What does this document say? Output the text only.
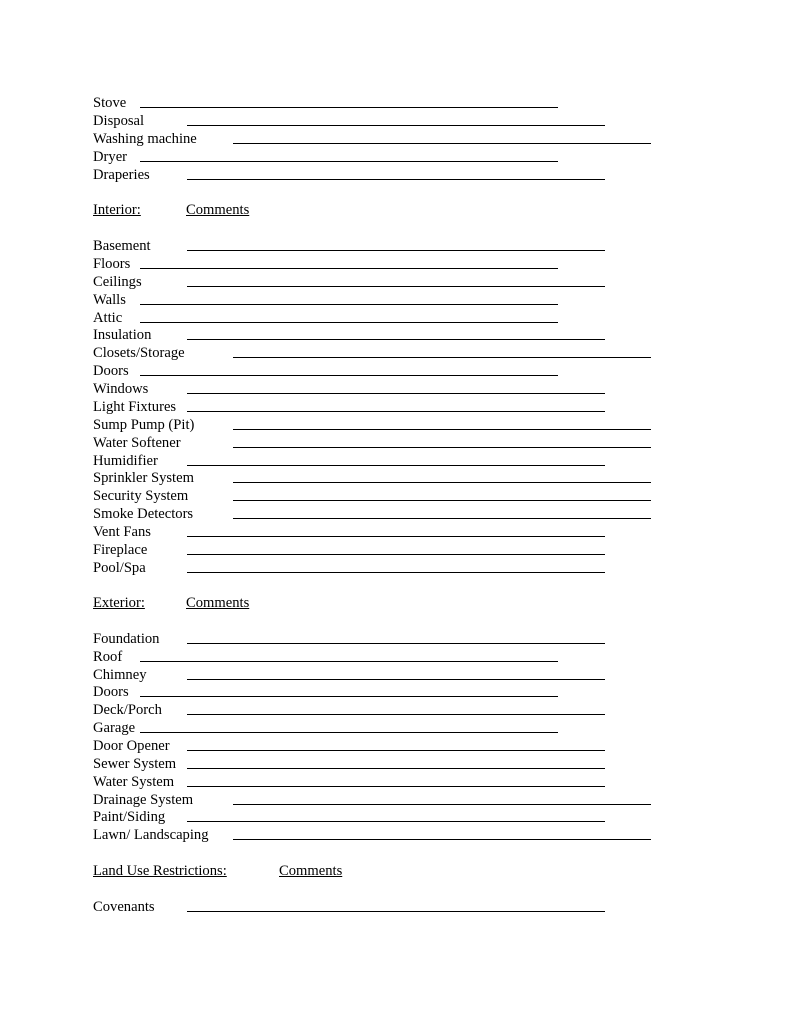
Stove
Disposal
Washing machine
Dryer
Draperies
Interior:	Comments
Basement
Floors
Ceilings
Walls
Attic
Insulation
Closets/Storage
Doors
Windows
Light Fixtures
Sump Pump (Pit)
Water Softener
Humidifier
Sprinkler System
Security System
Smoke Detectors
Vent Fans
Fireplace
Pool/Spa
Exterior:	Comments
Foundation
Roof
Chimney
Doors
Deck/Porch
Garage
Door Opener
Sewer System
Water System
Drainage System
Paint/Siding
Lawn/ Landscaping
Land Use Restrictions:	Comments
Covenants
